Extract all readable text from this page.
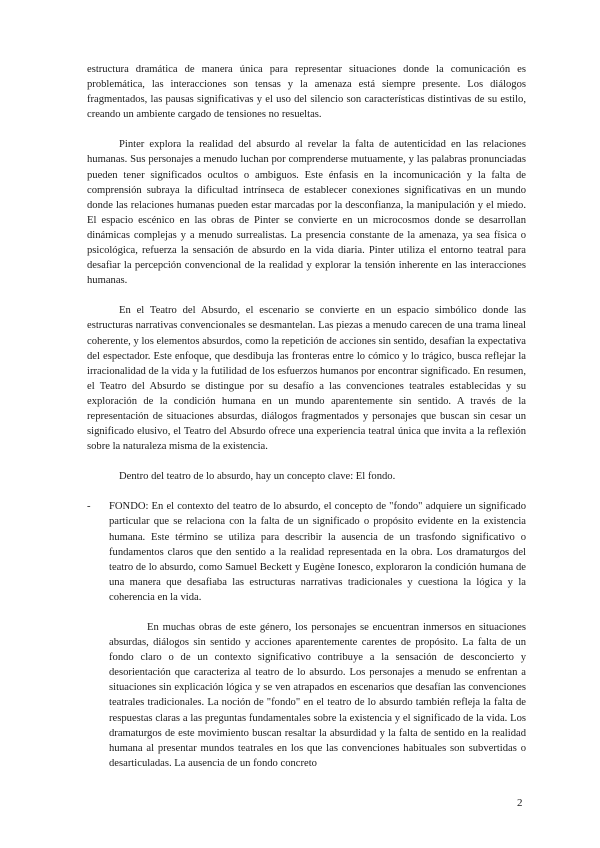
estructura dramática de manera única para representar situaciones donde la comunicación es problemática, las interacciones son tensas y la amenaza está siempre presente. Los diálogos fragmentados, las pausas significativas y el uso del silencio son características distintivas de su estilo, creando un ambiente cargado de tensiones no resueltas.

Pinter explora la realidad del absurdo al revelar la falta de autenticidad en las relaciones humanas. Sus personajes a menudo luchan por comprenderse mutuamente, y las palabras pronunciadas pueden tener significados ocultos o ambiguos. Este énfasis en la incomunicación y la falta de comprensión subraya la dificultad intrínseca de establecer conexiones significativas en un mundo donde las relaciones humanas pueden estar marcadas por la desconfianza, la manipulación y el miedo. El espacio escénico en las obras de Pinter se convierte en un microcosmos donde se desarrollan dinámicas complejas y a menudo surrealistas. La presencia constante de la amenaza, ya sea física o psicológica, refuerza la sensación de absurdo en la vida diaria. Pinter utiliza el entorno teatral para desafiar la percepción convencional de la realidad y explorar la tensión inherente en las interacciones humanas.

En el Teatro del Absurdo, el escenario se convierte en un espacio simbólico donde las estructuras narrativas convencionales se desmantelan. Las piezas a menudo carecen de una trama lineal coherente, y los elementos absurdos, como la repetición de acciones sin sentido, desafían la expectativa del espectador. Este enfoque, que desdibuja las fronteras entre lo cómico y lo trágico, busca reflejar la irracionalidad de la vida y la futilidad de los esfuerzos humanos por encontrar significado. En resumen, el Teatro del Absurdo se distingue por su desafío a las convenciones teatrales establecidas y su exploración de la condición humana en un mundo aparentemente sin sentido. A través de la representación de situaciones absurdas, diálogos fragmentados y personajes que buscan sin cesar un significado elusivo, el Teatro del Absurdo ofrece una experiencia teatral única que invita a la reflexión sobre la naturaleza misma de la existencia.

Dentro del teatro de lo absurdo, hay un concepto clave: El fondo.

- FONDO: En el contexto del teatro de lo absurdo, el concepto de "fondo" adquiere un significado particular que se relaciona con la falta de un significado o propósito evidente en la existencia humana. Este término se utiliza para describir la ausencia de un trasfondo significativo o fundamentos claros que den sentido a la realidad representada en la obra. Los dramaturgos del teatro de lo absurdo, como Samuel Beckett y Eugène Ionesco, exploraron la condición humana de una manera que desafiaba las estructuras narrativas tradicionales y cuestiona la lógica y la coherencia en la vida.

En muchas obras de este género, los personajes se encuentran inmersos en situaciones absurdas, diálogos sin sentido y acciones aparentemente carentes de propósito. La falta de un fondo claro o de un contexto significativo contribuye a la sensación de desconcierto y desorientación que caracteriza al teatro de lo absurdo. Los personajes a menudo se enfrentan a situaciones sin explicación lógica y se ven atrapados en escenarios que desafían las convenciones teatrales tradicionales. La noción de "fondo" en el teatro de lo absurdo también refleja la falta de respuestas claras a las preguntas fundamentales sobre la existencia y el significado de la vida. Los dramaturgos de este movimiento buscan resaltar la absurdidad y la falta de sentido en la realidad humana al presentar mundos teatrales en los que las convenciones habituales son subvertidas o desarticuladas. La ausencia de un fondo concreto

2
